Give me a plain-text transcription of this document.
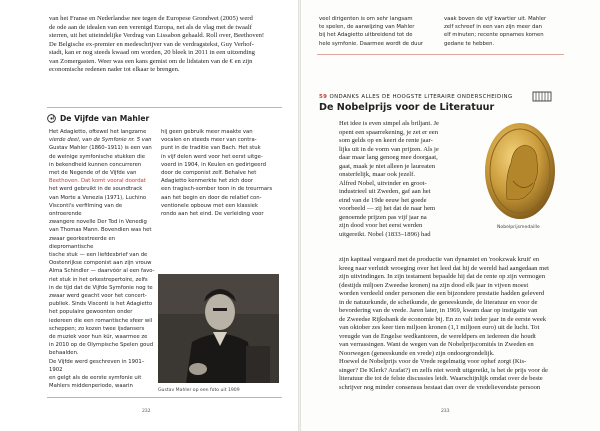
van het Franse en Nederlandse nee tegen de Europese Grondwet (2005) werd

de ode aan de idealen van een verenigd Europa, net als de vlag met de twaalf

sterren, uit het uiteindelijke Verdrag van Lissabon gehaald. Roll over, Beethoven!

De Belgische ex-premier en medeschrijver van de verdragstekst, Guy Verhof-

stadt, kan er nog steeds kwaad om worden, 20 bleek in 2011 in een uitzending

van Zomergasten. Weer was een kans gemist om de lidstaten van de € en zijn

economische redenen nader tot elkaar te brengen.

De Vijfde van Mahler

Het Adagietto, oftewel het langzame

vierde deel, van de Symfonie nr. 5 van

Gustav Mahler (1860–1911) is een van

de weinige symfonische stukken die

in bekendheid kunnen concurreren

met de Negende of de Vijfde van

Beethoven. Dat komt vooral doordat

het werd gebruikt in de soundtrack

van Morte a Venezia (1971), Luchino

Visconti's verfilming van de ontroerende

zwangere novelle Der Tod in Venedig

van Thomas Mann. Bovendien was het

zwaar georkestreerde en diepromantische

tische stuk — een liefdesbrief van de

Oostenrijkse componist aan zijn vrouw

Alma Schindler — daarvóór al een favo-

riet stuk in het orkestrepertoire, zelfs

in de tijd dat de Vijfde Symfonie nog te

zwaar werd geacht voor het concert-

publiek. Sinds Visconti is het Adagietto

het populaire gewoonten onder

iedereen die een romantische sfeer wil

scheppen; zo kozen twee ijsdansers

de muziek voor hun kür, waarmee ze

in 2010 op de Olympische Spelen goud

behaalden.

De Vijfde werd geschreven in 1901–1902

en gelgt als de eerste symfonie uit

Mahlers middenperiode, waarin

hij geen gebruik meer maakte van

vocalen en steeds meer van contra-

punt in de traditie van Bach. Het stuk

in vijf delen werd voor het eerst uitge-

voerd in 1904, in Keulen en gedirigeerd

door de componist zelf. Behalve het

Adagietto kenmerkte het zich door

een tragisch-somber toon in de treurmars

aan het begin en door de relatief con-

ventionele opbouw met een klassiek

rondo aan het eind. De verleiding voor

Gustav Mahler op een foto uit 1909
232

veel dirigenten is om sehr langsam

te spelen, de aanwijzing van Mahler

bij het Adagietto uitbreidend tot de

hele symfonie. Daarmee wordt de duur

vaak boven de vijf kwartier uit. Mahler

zelf schreef in een van zijn meer dan

elf minuten; recente opnames komen

gedane te hebben.

59 ONDANKS ALLES DE HOOGSTE LITERAIRE ONDERSCHEIDING
De Nobelprijs voor de Literatuur

Het idee is even simpel als briljant. Je

opent een spaarrekening, je zet er een

som gelds op en keert de rente jaar-

lijks uit in de vorm van prijzen. Als je

daar maar lang genoeg mee doorgaat,

gaat, maak je niet alleen je laureaten

onsterfelijk, maar ook jezelf.

Alfred Nobel, uitvinder en groot-

industrieel uit Zweden, gaf aan het

eind van de 19de eeuw het goede

voorbeeld — zij het dat de naar hem

genoemde prijzen pas vijf jaar na

zijn dood voor het eerst werden

uitgereikt. Nobel (1833–1896) had

Nobelprijsmedaille

zijn kapitaal vergaard met de productie van dynamiet en 'rookzwak kruit' en

kreeg naar verluidt wroeging over het leed dat hij de wereld had aangedaan met

zijn uitvindingen. In zijn testament bepaalde hij dat de rente op zijn vermogen

(destijds miljoen Zweedse kronen) na zijn dood elk jaar in vijven moest

worden verdeeld onder personen die een bijzondere prestatie hadden geleverd

in de natuurkunde, de scheikunde, de geneeskunde, de literatuur en voor de

bevordering van de vrede. Jaren later, in 1969, kwam daar op instigatie van

de Zweedse Rijksbank de economie bij. En zo valt ieder jaar in de eerste week

van oktober zes keer tien miljoen kronen (1,1 miljoen euro) uit de lucht. Tot

vreugde van de Engelse wedkantoren, de wereldpers en iedereen die houdt

van verrassingen. Want de wegen van de Nobelprijscomités in Zweden en

Noorwegen (geneeskunde en vrede) zijn ondoorgrondelijk.

Hoewel de Nobelprijs voor de Vrede regelmatig voor ophef zorgt (Kis-

singer? De Klerk? Arafat?) en zelfs niet wordt uitgereikt, is het de prijs voor de

literatuur die tot de felste discussies leidt. Waarschijnlijk omdat over de beste

schrijver nog minder consensus bestaat dan over de vredelievendste persoon

233
